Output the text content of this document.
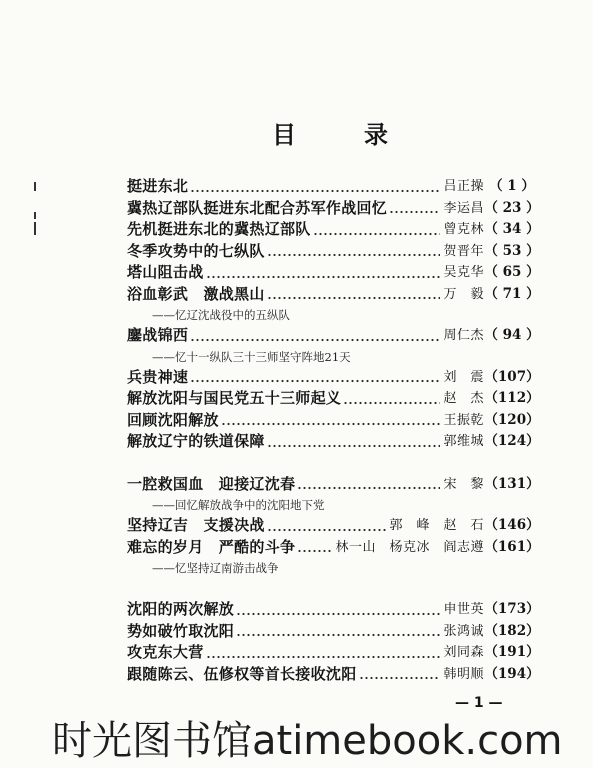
目录
挺进东北	吕正操 （ 1 ）
冀热辽部队挺进东北配合苏军作战回忆	李运昌 （ 23 ）
先机挺进东北的冀热辽部队	曾克林 （ 34 ）
冬季攻势中的七纵队	贺晋年 （ 53 ）
塔山阻击战	吴克华 （ 65 ）
浴血彰武　激战黑山	万　毅 （ 71 ）
——忆辽沈战役中的五纵队
鏖战锦西	周仁杰 （ 94 ）
——忆十一纵队三十三师坚守阵地21天
兵贵神速	刘　震 （107）
解放沈阳与国民党五十三师起义	赵　杰 （112）
回顾沈阳解放	王振乾 （120）
解放辽宁的铁道保障	郭维城 （124）
一腔救国血　迎接辽沈春	宋　黎 （131）
——回忆解放战争中的沈阳地下党
坚持辽吉　支援决战	郭　峰　赵　石 （146）
难忘的岁月　严酷的斗争	林一山　杨克冰　阎志遵 （161）
——忆坚持辽南游击战争
沈阳的两次解放	申世英 （173）
势如破竹取沈阳	张鸿诚 （182）
攻克东大营	刘同森 （191）
跟随陈云、伍修权等首长接收沈阳	韩明顺 （194）
— 1 —
时光图书馆atimebook.com
